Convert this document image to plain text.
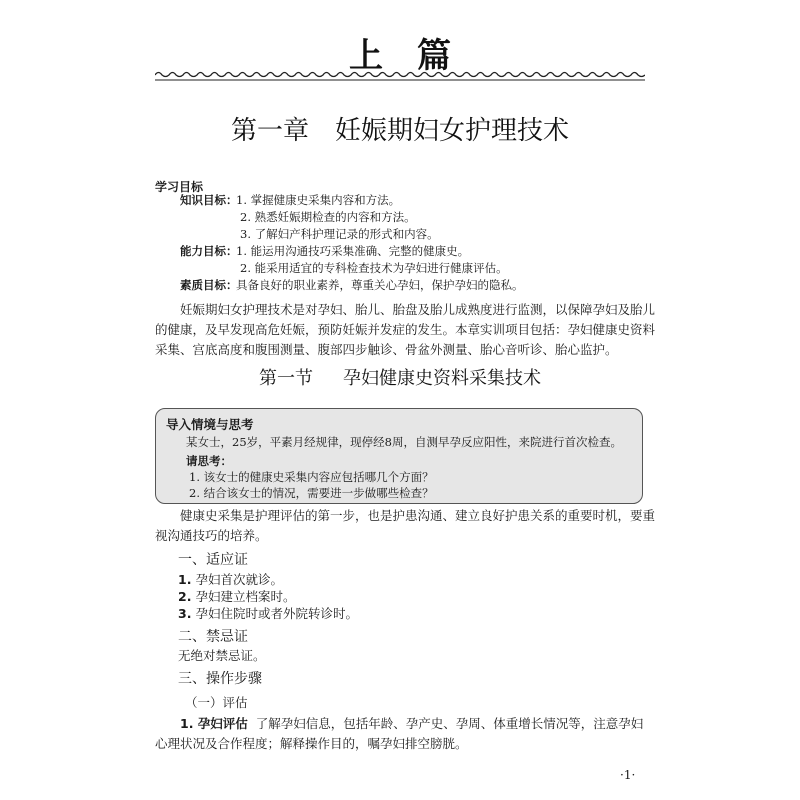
上篇
第一章 妊娠期妇女护理技术
学习目标
知识目标：1. 掌握健康史采集内容和方法。
2. 熟悉妊娠期检查的内容和方法。
3. 了解妇产科护理记录的形式和内容。
能力目标：1. 能运用沟通技巧采集准确、完整的健康史。
2. 能采用适宜的专科检查技术为孕妇进行健康评估。
素质目标：具备良好的职业素养，尊重关心孕妇，保护孕妇的隐私。
妊娠期妇女护理技术是对孕妇、胎儿、胎盘及胎儿成熟度进行监测，以保障孕妇及胎儿的健康，及早发现高危妊娠，预防妊娠并发症的发生。本章实训项目包括：孕妇健康史资料采集、宫底高度和腹围测量、腹部四步触诊、骨盆外测量、胎心音听诊、胎心监护。
第一节 孕妇健康史资料采集技术
导入情境与思考
某女士，25岁，平素月经规律，现停经8周，自测早孕反应阳性，来院进行首次检查。
请思考：
1. 该女士的健康史采集内容应包括哪几个方面？
2. 结合该女士的情况，需要进一步做哪些检查？
健康史采集是护理评估的第一步，也是护患沟通、建立良好护患关系的重要时机，要重视沟通技巧的培养。
一、适应证
1. 孕妇首次就诊。
2. 孕妇建立档案时。
3. 孕妇住院时或者外院转诊时。
二、禁忌证
无绝对禁忌证。
三、操作步骤
（一）评估
1. 孕妇评估 了解孕妇信息，包括年龄、孕产史、孕周、体重增长情况等，注意孕妇心理状况及合作程度；解释操作目的，嘱孕妇排空膀胱。
·1·
